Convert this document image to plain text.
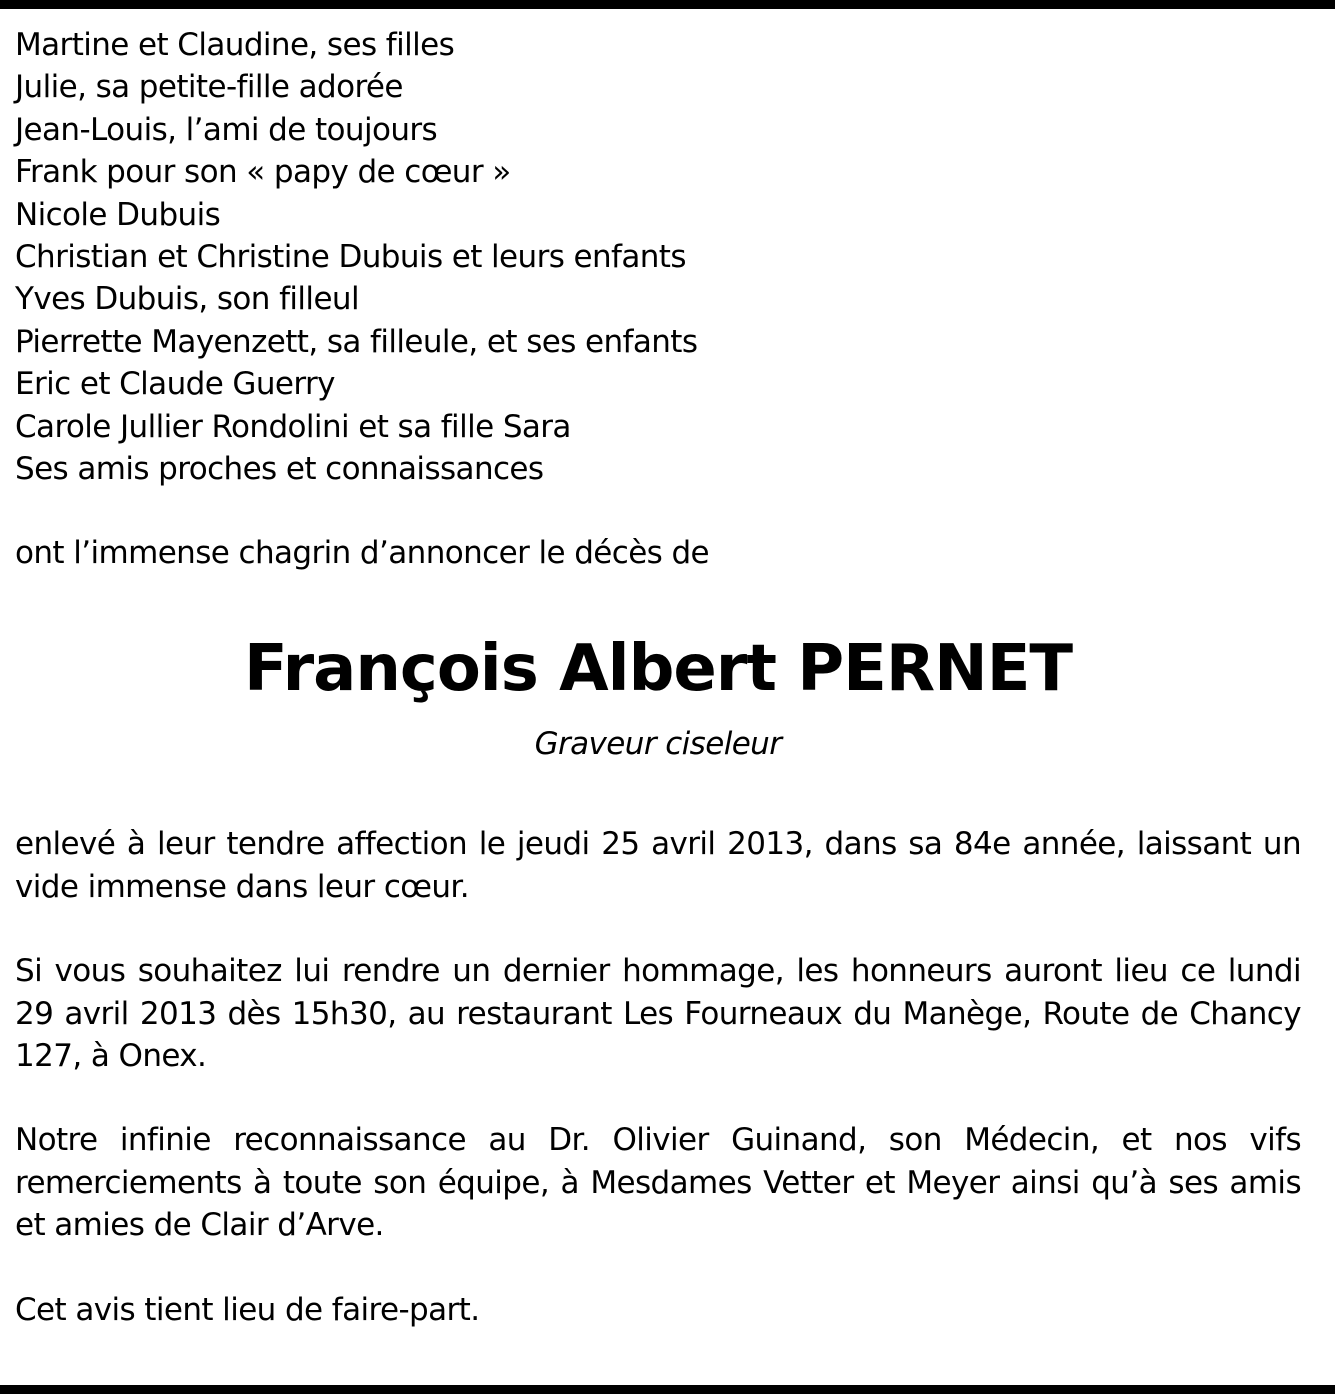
Martine et Claudine, ses filles
Julie, sa petite-fille adorée
Jean-Louis, l’ami de toujours
Frank pour son « papy de cœur »
Nicole Dubuis
Christian et Christine Dubuis et leurs enfants
Yves Dubuis, son filleul
Pierrette Mayenzett, sa filleule, et ses enfants
Eric et Claude Guerry
Carole Jullier Rondolini et sa fille Sara
Ses amis proches et connaissances
ont l’immense chagrin d’annoncer le décès de
François Albert PERNET
Graveur ciseleur

enlevé à leur tendre affection le jeudi 25 avril 2013, dans sa 84e année, laissant un vide immense dans leur cœur.

Si vous souhaitez lui rendre un dernier hommage, les honneurs auront lieu ce lundi 29 avril 2013 dès 15h30, au restaurant Les Fourneaux du Manège, Route de Chancy 127, à Onex.

Notre infinie reconnaissance au Dr. Olivier Guinand, son Médecin, et nos vifs remerciements à toute son équipe, à Mesdames Vetter et Meyer ainsi qu’à ses amis et amies de Clair d’Arve.

Cet avis tient lieu de faire-part.
